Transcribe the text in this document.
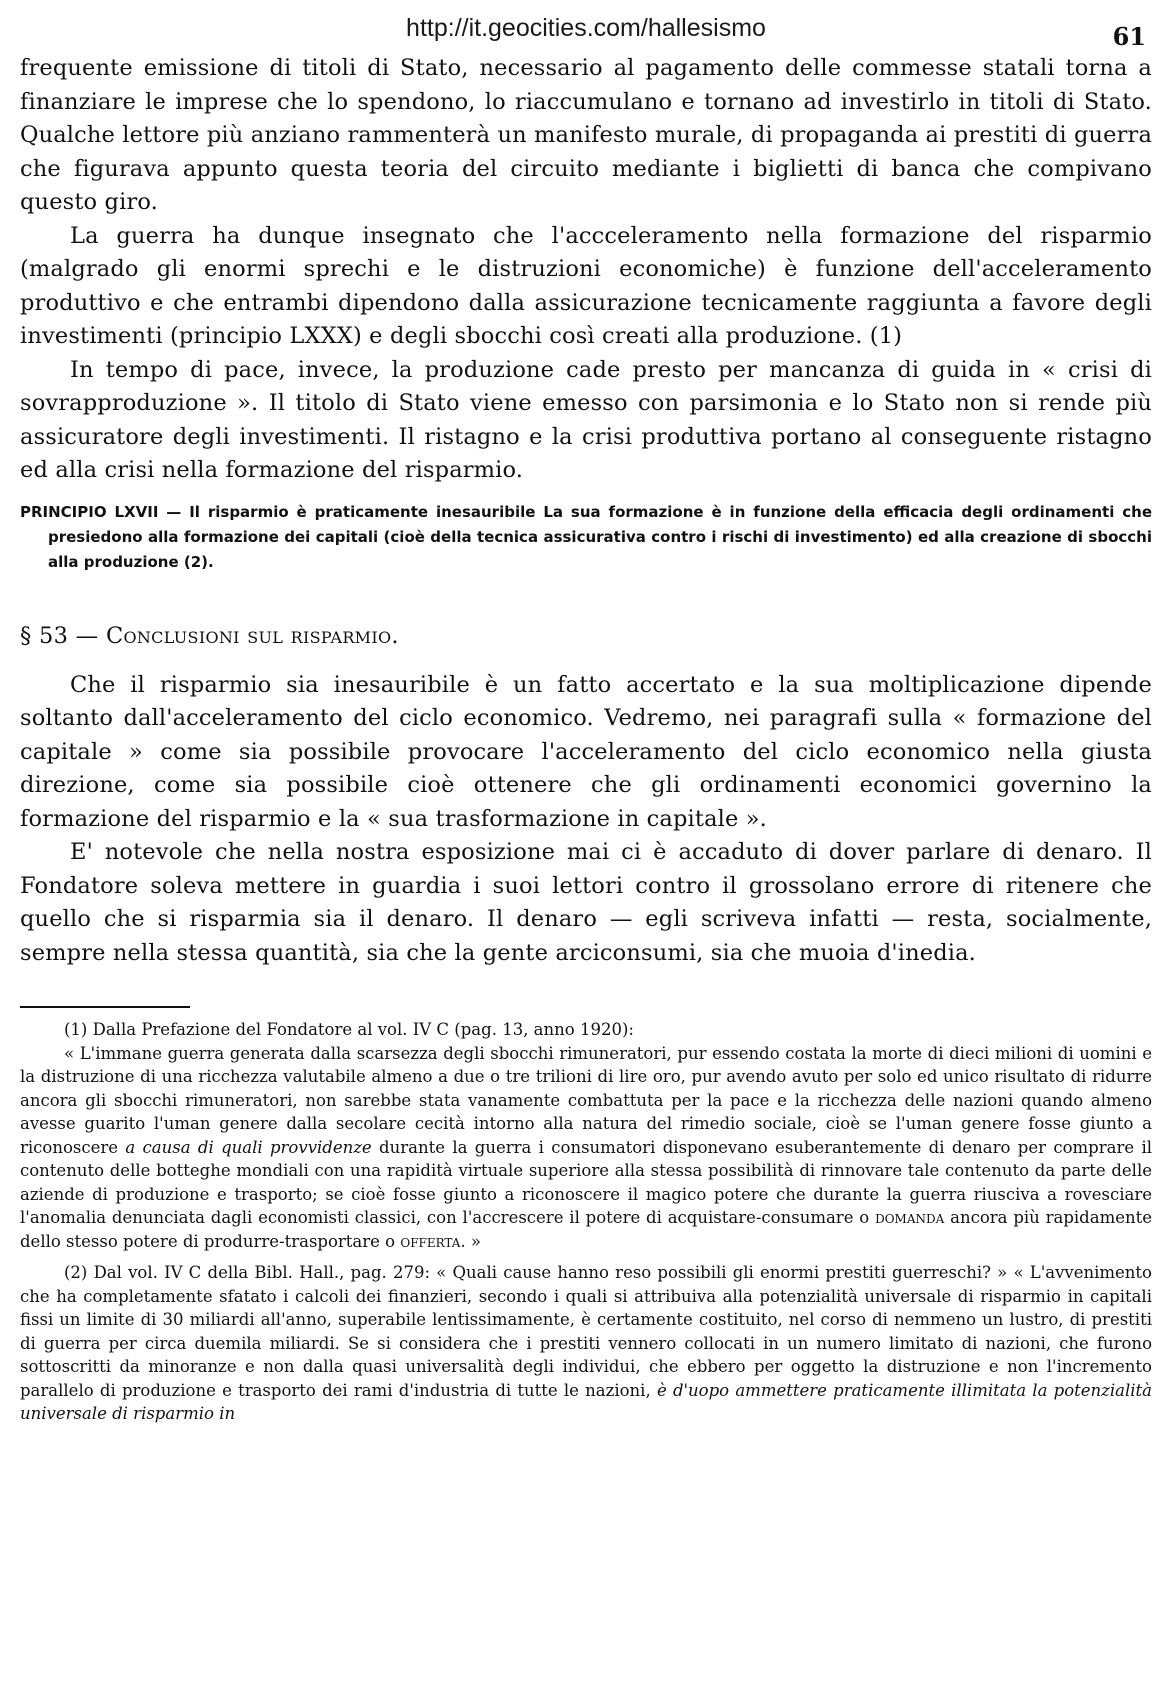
http://it.geocities.com/hallesismo	61

frequente emissione di titoli di Stato, necessario al pagamento delle commesse statali torna a finanziare le imprese che lo spendono, lo riaccumulano e tornano ad investirlo in titoli di Stato. Qualche lettore più anziano rammenterà un manifesto murale, di propaganda ai prestiti di guerra che figurava appunto questa teoria del circuito mediante i biglietti di banca che compivano questo giro.

La guerra ha dunque insegnato che l'accceleramento nella formazione del risparmio (malgrado gli enormi sprechi e le distruzioni economiche) è funzione dell'acceleramento produttivo e che entrambi dipendono dalla assicurazione tecnicamente raggiunta a favore degli investimenti (principio LXXX) e degli sbocchi così creati alla produzione. (1)

In tempo di pace, invece, la produzione cade presto per mancanza di guida in « crisi di sovrapproduzione ». Il titolo di Stato viene emesso con parsimonia e lo Stato non si rende più assicuratore degli investimenti. Il ristagno e la crisi produttiva portano al conseguente ristagno ed alla crisi nella formazione del risparmio.

PRINCIPIO LXVII — Il risparmio è praticamente inesauribile La sua formazione è in funzione della efficacia degli ordinamenti che presiedono alla formazione dei capitali (cioè della tecnica assicurativa contro i rischi di investimento) ed alla creazione di sbocchi alla produzione (2).

§ 53 — Conclusioni sul risparmio.

Che il risparmio sia inesauribile è un fatto accertato e la sua moltiplicazione dipende soltanto dall'acceleramento del ciclo economico. Vedremo, nei paragrafi sulla « formazione del capitale » come sia possibile provocare l'acceleramento del ciclo economico nella giusta direzione, come sia possibile cioè ottenere che gli ordinamenti economici governino la formazione del risparmio e la « sua trasformazione in capitale ».

E' notevole che nella nostra esposizione mai ci è accaduto di dover parlare di denaro. Il Fondatore soleva mettere in guardia i suoi lettori contro il grossolano errore di ritenere che quello che si risparmia sia il denaro. Il denaro — egli scriveva infatti — resta, socialmente, sempre nella stessa quantità, sia che la gente arciconsumi, sia che muoia d'inedia.

(1) Dalla Prefazione del Fondatore al vol. IV C (pag. 13, anno 1920):

« L'immane guerra generata dalla scarsezza degli sbocchi rimuneratori, pur essendo costata la morte di dieci milioni di uomini e la distruzione di una ricchezza valutabile almeno a due o tre trilioni di lire oro, pur avendo avuto per solo ed unico risultato di ridurre ancora gli sbocchi rimuneratori, non sarebbe stata vanamente combattuta per la pace e la ricchezza delle nazioni quando almeno avesse guarito l'uman genere dalla secolare cecità intorno alla natura del rimedio sociale, cioè se l'uman genere fosse giunto a riconoscere a causa di quali provvidenze durante la guerra i consumatori disponevano esuberantemente di denaro per comprare il contenuto delle botteghe mondiali con una rapidità virtuale superiore alla stessa possibilità di rinnovare tale contenuto da parte delle aziende di produzione e trasporto; se cioè fosse giunto a riconoscere il magico potere che durante la guerra riusciva a rovesciare l'anomalia denunciata dagli economisti classici, con l'accrescere il potere di acquistare-consumare o domanda ancora più rapidamente dello stesso potere di produrre-trasportare o offerta. »

(2) Dal vol. IV C della Bibl. Hall., pag. 279: « Quali cause hanno reso possibili gli enormi prestiti guerreschi? » « L'avvenimento che ha completamente sfatato i calcoli dei finanzieri, secondo i quali si attribuiva alla potenzialità universale di risparmio in capitali fissi un limite di 30 miliardi all'anno, superabile lentissimamente, è certamente costituito, nel corso di nemmeno un lustro, di prestiti di guerra per circa duemila miliardi. Se si considera che i prestiti vennero collocati in un numero limitato di nazioni, che furono sottoscritti da minoranze e non dalla quasi universalità degli individui, che ebbero per oggetto la distruzione e non l'incremento parallelo di produzione e trasporto dei rami d'industria di tutte le nazioni, è d'uopo ammettere praticamente illimitata la potenzialità universale di risparmio in
